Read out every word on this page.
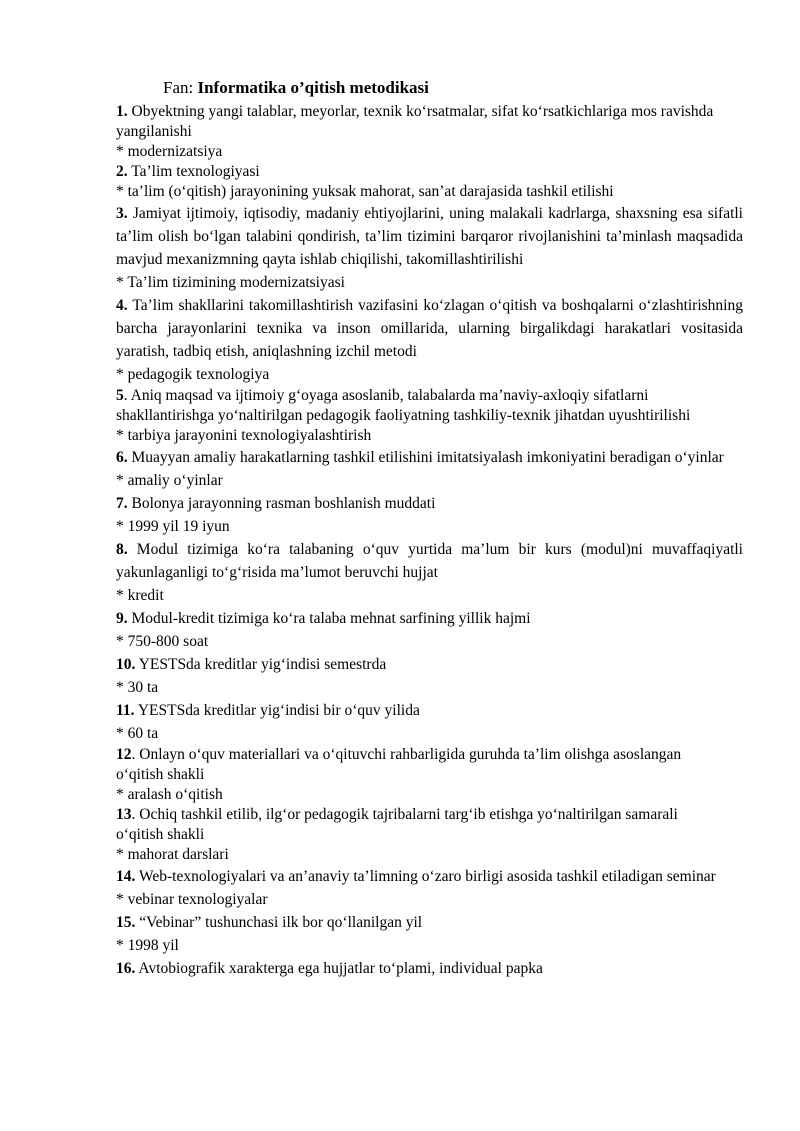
Fan: Informatika o’qitish metodikasi

1. Obyektning yangi talablar, meyorlar, texnik ko‘rsatmalar, sifat ko‘rsatkichlariga mos ravishda yangilanishi

* modernizatsiya

2. Ta’lim texnologiyasi

* ta’lim (o‘qitish) jarayonining yuksak mahorat, san’at darajasida tashkil etilishi

3. Jamiyat ijtimoiy, iqtisodiy, madaniy ehtiyojlarini, uning malakali kadrlarga, shaxsning esa sifatli ta’lim olish bo‘lgan talabini qondirish, ta’lim tizimini barqaror rivojlanishini ta’minlash maqsadida mavjud mexanizmning qayta ishlab chiqilishi, takomillashtirilishi

* Ta’lim tizimining modernizatsiyasi

4. Ta’lim shakllarini takomillashtirish vazifasini ko‘zlagan o‘qitish va boshqalarni o‘zlashtirishning barcha jarayonlarini texnika va inson omillarida, ularning birgalikdagi harakatlari vositasida yaratish, tadbiq etish, aniqlashning izchil metodi

* pedagogik texnologiya

5. Aniq maqsad va ijtimoiy g‘oyaga asoslanib, talabalarda ma’naviy-axloqiy sifatlarni shakllantirishga yo‘naltirilgan pedagogik faoliyatning tashkiliy-texnik jihatdan uyushtirilishi

* tarbiya jarayonini texnologiyalashtirish

6. Muayyan amaliy harakatlarning tashkil etilishini imitatsiyalash imkoniyatini beradigan o‘yinlar

* amaliy o‘yinlar

7. Bolonya jarayonning rasman boshlanish muddati

* 1999 yil 19 iyun

8. Modul tizimiga ko‘ra talabaning o‘quv yurtida ma’lum bir kurs (modul)ni muvaffaqiyatli yakunlaganligi to‘g‘risida ma’lumot beruvchi hujjat

* kredit

9. Modul-kredit tizimiga ko‘ra talaba mehnat sarfining yillik hajmi

* 750-800 soat

10. YESTSda kreditlar yig‘indisi semestrda

* 30 ta

11. YESTSda kreditlar yig‘indisi bir o‘quv yilida

* 60 ta

12. Onlayn o‘quv materiallari va o‘qituvchi rahbarligida guruhda ta’lim olishga asoslangan o‘qitish shakli

* aralash o‘qitish

13. Ochiq tashkil etilib, ilg‘or pedagogik tajribalarni targ‘ib etishga yo‘naltirilgan samarali o‘qitish shakli

* mahorat darslari

14. Web-texnologiyalari va an’anaviy ta’limning o‘zaro birligi asosida tashkil etiladigan seminar

* vebinar texnologiyalar

15. “Vebinar” tushunchasi ilk bor qo‘llanilgan yil

* 1998 yil

16. Avtobiografik xarakterga ega hujjatlar to‘plami, individual papka
